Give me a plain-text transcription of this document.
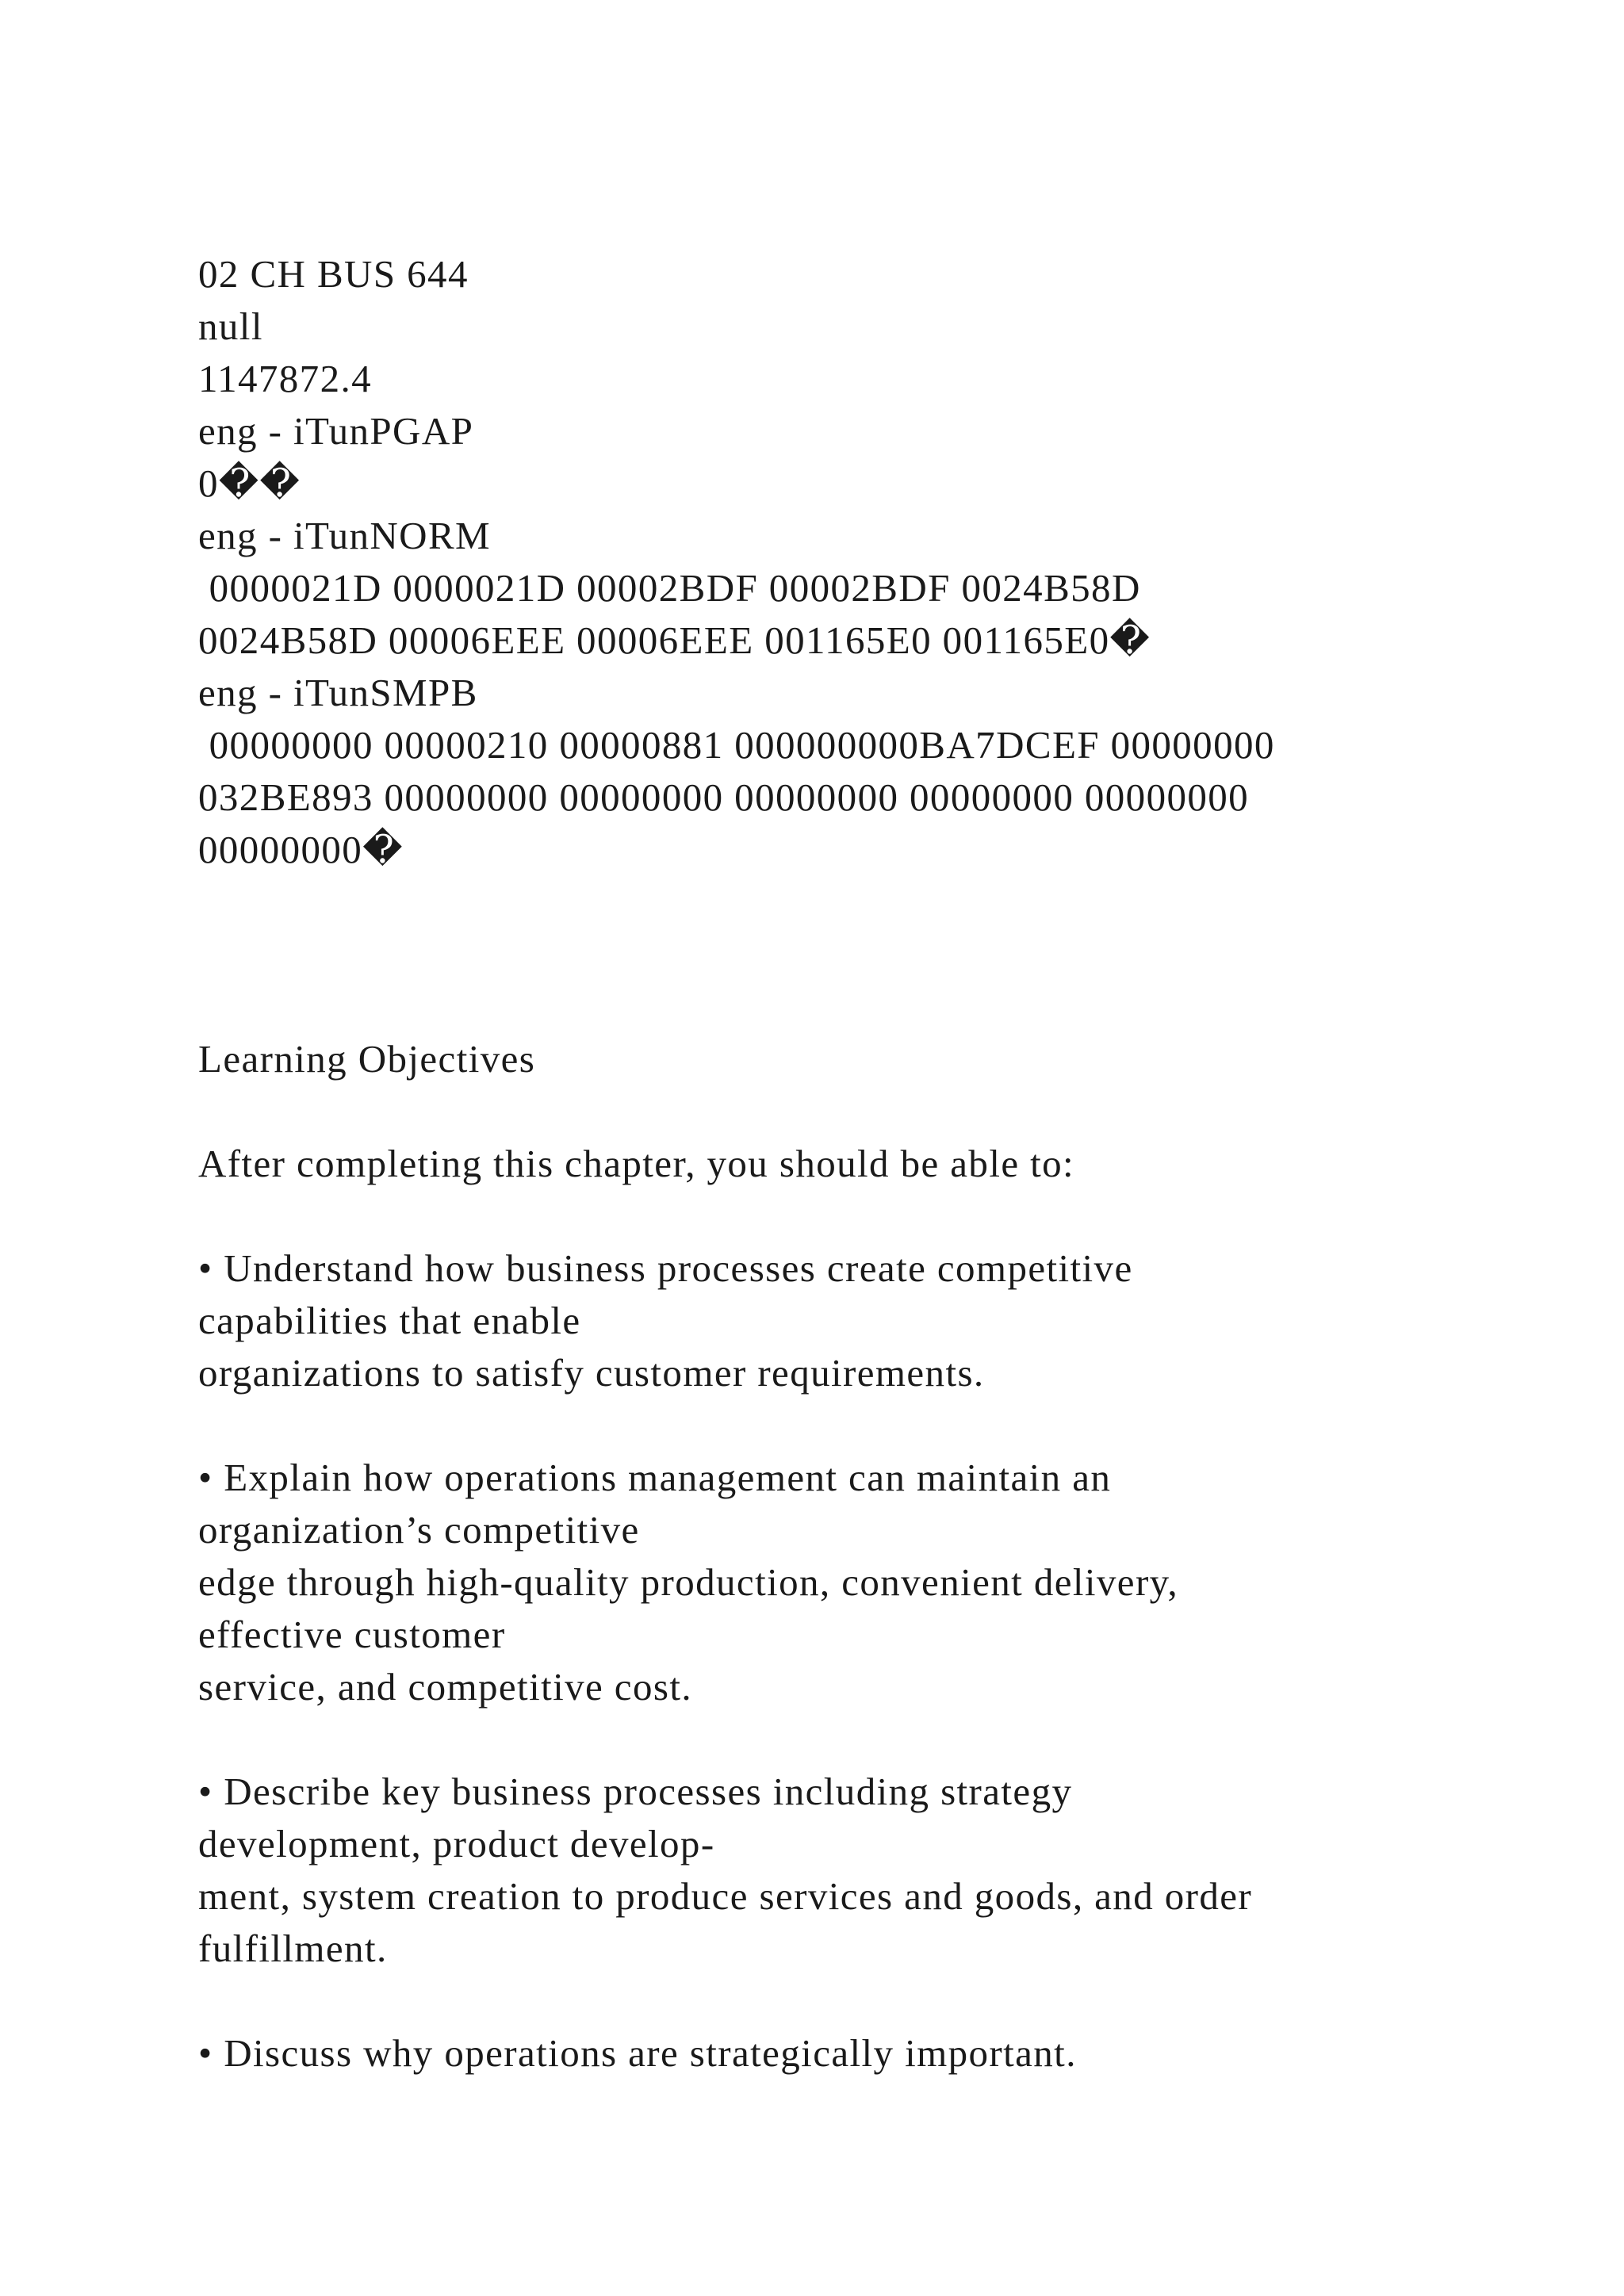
02 CH BUS 644
null
1147872.4
eng - iTunPGAP
0��
eng - iTunNORM
0000021D 0000021D 00002BDF 00002BDF 0024B58D
0024B58D 00006EEE 00006EEE 001165E0 001165E0�
eng - iTunSMPB
00000000 00000210 00000881 000000000BA7DCEF 00000000
032BE893 00000000 00000000 00000000 00000000 00000000
00000000�
Learning Objectives
After completing this chapter, you should be able to:
• Understand how business processes create competitive
capabilities that enable
organizations to satisfy customer requirements.
• Explain how operations management can maintain an
organization’s competitive
edge through high-quality production, convenient delivery,
effective customer
service, and competitive cost.
• Describe key business processes including strategy
development, product develop-
ment, system creation to produce services and goods, and order
fulfillment.
• Discuss why operations are strategically important.
